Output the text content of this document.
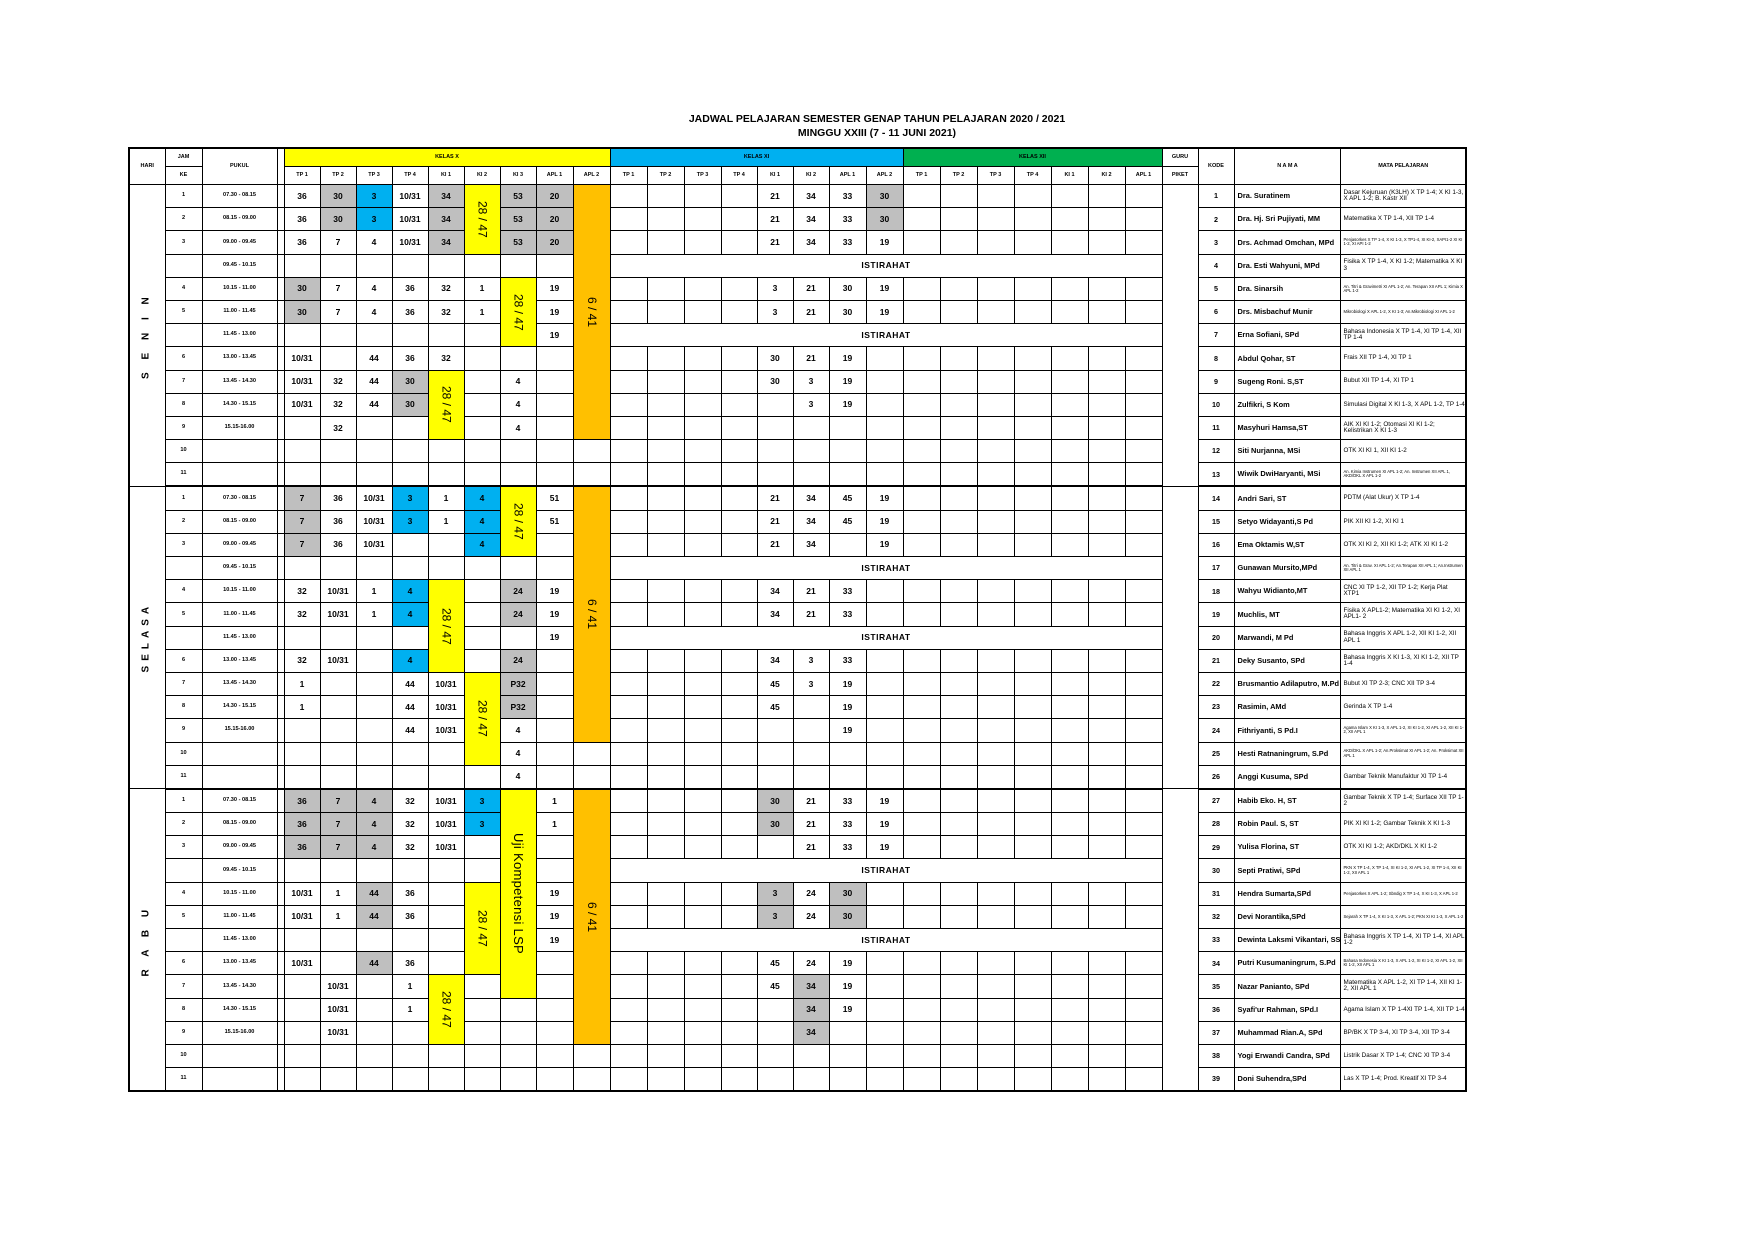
JADWAL PELAJARAN SEMESTER GENAP TAHUN PELAJARAN 2020 / 2021
MINGGU XXIII (7 - 11 JUNI 2021)
HARI	JAM	PUKUL		KELAS X									KELAS XI								KELAS XII							GURU	KODE	N A M A	MATA PELAJARAN
	KE			TP 1	TP 2	TP 3	TP 4	KI 1	KI 2	KI 3	APL 1	APL 2	TP 1	TP 2	TP 3	TP 4	KI 1	KI 2	APL 1	APL 2	TP 1	TP 2	TP 3	TP 4	KI 1	KI 2	APL 1	PIKET			
S E N I N	1	07.30 - 08.15		36	30	3	10/31	34	28 / 47	53	20	6 / 41					21	34	33	30									1	Dra. Suratinem	Dasar Kejuruan (K3LH) X TP 1-4; X KI 1-3, X APL 1-2; B. Kastr XII
	2	08.15 - 09.00		36	30	3	10/31	34		53	20						21	34	33	30									2	Dra. Hj. Sri Pujiyati, MM	Matematika X TP 1-4, XII TP 1-4
	3	09.00 - 09.45		36	7	4	10/31	34		53	20						21	34	33	19									3	Drs. Achmad Omchan, MPd	Penjasorkes X TP 1-4, X KI 1-3, X TP1-4, XI KI-2, XAPI1-2 XI KI 1-2, XI API 1-2
		09.45 - 10.15											ISTIRAHAT																4	Dra. Esti Wahyuni, MPd	Fisika X TP 1-4, X KI 1-2; Matematika X KI 3
	4	10.15 - 11.00		30	7	4	36	32	1	28 / 47	19						3	21	30	19									5	Dra. Sinarsih	An. Titri & Gravimetri XI APL 1-2; An. Terapan XII APL 1; Kimia X APL 1-2
	5	11.00 - 11.45		30	7	4	36	32	1		19						3	21	30	19									6	Drs. Misbachuf Munir	Mikrobiologi X APL 1-2, X KI 1-3; An.Mikrobiologi XI APL 1-2
		11.45 - 13.00									19		ISTIRAHAT																7	Erna Sofiani, SPd	Bahasa Indonesia X TP 1-4, XI TP 1-4, XII TP 1-4
	6	13.00 - 13.45		10/31		44	36	32									30	21	19										8	Abdul Qohar, ST	Frais XII TP 1-4, XI TP 1
	7	13.45 - 14.30		10/31	32	44	30	28 / 47		4							30	3	19										9	Sugeng Roni. S,ST	Bubut XII TP 1-4, XI TP 1
	8	14.30 - 15.15		10/31	32	44	30			4								3	19										10	Zulfikri, S Kom	Simulasi Digital X KI 1-3, X APL 1-2, TP 1-4
	9	15.15-16.00			32					4																			11	Masyhuri Hamsa,ST	AIK XI KI 1-2; Otomasi XI KI 1-2; Kelistrikan X KI 1-3
	10																												12	Siti Nurjanna, MSi	OTK XI KI 1, XII KI 1-2
	11																												13	Wiwik DwiHaryanti, MSi	An. Kimia Instrumen XI APL 1-2; An. Instrumen XII APL 1, AKD/DKL X APL 1-2
SELASA	1	07.30 - 08.15		7	36	10/31	3	1	4	28 / 47	51	6 / 41					21	34	45	19									14	Andri Sari, ST	PDTM (Alat Ukur) X TP 1-4
	2	08.15 - 09.00		7	36	10/31	3	1	4		51						21	34	45	19									15	Setyo Widayanti,S Pd	PIK XII KI 1-2, XI KI 1
	3	09.00 - 09.45		7	36	10/31			4								21	34		19									16	Ema Oktamis W,ST	OTK XI KI 2, XII KI 1-2; ATK XI KI 1-2
		09.45 - 10.15											ISTIRAHAT																17	Gunawan Mursito,MPd	An. Titri & Grav. XI APL 1-2; An.Terapan XII APL 1; An.Instrumen XII APL 1
	4	10.15 - 11.00		32	10/31	1	4	28 / 47		24	19						34	21	33										18	Wahyu Widianto,MT	CNC XI TP 1-2, XII TP 1-2; Kerja Plat XTP1
	5	11.00 - 11.45		32	10/31	1	4			24	19						34	21	33										19	Muchlis, MT	Fisika X APL1-2; Matematika XI KI 1-2, XI APL1- 2
		11.45 - 13.00									19		ISTIRAHAT																20	Marwandi, M Pd	Bahasa Inggris X APL 1-2, XII KI 1-2, XII APL 1
	6	13.00 - 13.45		32	10/31		4			24							34	3	33										21	Deky Susanto, SPd	Bahasa Inggris X KI 1-3, XI KI 1-2, XII TP 1-4
	7	13.45 - 14.30		1			44	10/31	28 / 47	P32							45	3	19										22	Brusmantio Adilaputro, M.Pd	Bubut XI TP 2-3; CNC XII TP 3-4
	8	14.30 - 15.15		1			44	10/31		P32							45		19										23	Rasimin, AMd	Gerinda X TP 1-4
	9	15.15-16.00					44	10/31		4									19										24	Fithriyanti, S Pd.I	Agama Islam X KI 1-3, X APL 1-2, XI KI 1-2, XI APL 1-2, XII KI 1-2, XII APL 1
	10									4																			25	Hesti Ratnaningrum, S.Pd	AKD/DKL X APL 1-2; An.Proksimat XI APL 1-2; An. Proksimat XII APL 1
	11									4																			26	Anggi Kusuma, SPd	Gambar Teknik Manufaktur XI TP 1-4
R A B U	1	07.30 - 08.15		36	7	4	32	10/31	3	Uji Kompetensi LSP	1	6 / 41					30	21	33	19									27	Habib Eko. H, ST	Gambar Teknik X TP 1-4; Surface XII TP 1-2
	2	08.15 - 09.00		36	7	4	32	10/31	3		1						30	21	33	19									28	Robin Paul. S, ST	PIK XI KI 1-2; Gambar Teknik X KI 1-3
	3	09.00 - 09.45		36	7	4	32	10/31										21	33	19									29	Yulisa Florina, ST	OTK XI KI 1-2; AKD/DKL X KI 1-2
		09.45 - 10.15											ISTIRAHAT																30	Septi Pratiwi, SPd	PKN X TP 1-4, X TP 1-4, XI KI 1-2, XI APL 1-2, XI TP 1-4, XII KI 1-2, XII APL 1
	4	10.15 - 11.00		10/31	1	44	36		28 / 47		19						3	24	30										31	Hendra Sumarta,SPd	Penjasorkes X APL 1-2; Sbndig X TP 1-4, X KI 1-3, X APL 1-2
	5	11.00 - 11.45		10/31	1	44	36				19						3	24	30										32	Devi Norantika,SPd	Sejarah X TP 1-4, X KI 1-3, X APL 1-2; PKN XI KI 1-3, X APL 1-2
		11.45 - 13.00									19		ISTIRAHAT																33	Dewinta Laksmi Vikantari, SS	Bahasa Inggris X TP 1-4, XI TP 1-4, XI APL 1-2
	6	13.00 - 13.45		10/31		44	36										45	24	19										34	Putri Kusumaningrum, S.Pd	Bahasa Indonesia X KI 1-3, X APL 1-2, XI KI 1-2, XI APL 1-2, XII KI 1-2, XII APL 1
	7	13.45 - 14.30			10/31		1	28 / 47									45	34	19										35	Nazar Panianto, SPd	Matematika X APL 1-2, XI TP 1-4, XII KI 1-2, XII APL 1
	8	14.30 - 15.15			10/31		1											34	19										36	Syafi'ur Rahman, SPd.I	Agama Islam X TP 1-4XI TP 1-4, XII TP 1-4
	9	15.15-16.00			10/31													34											37	Muhammad Rian.A, SPd	BP/BK X TP 3-4, XI TP 3-4, XII TP 3-4
	10																												38	Yogi Erwandi Candra, SPd	Listrik Dasar X TP 1-4; CNC XI TP 3-4
	11																												39	Doni Suhendra,SPd	Las X TP 1-4; Prod. Kreatif XI TP 3-4
